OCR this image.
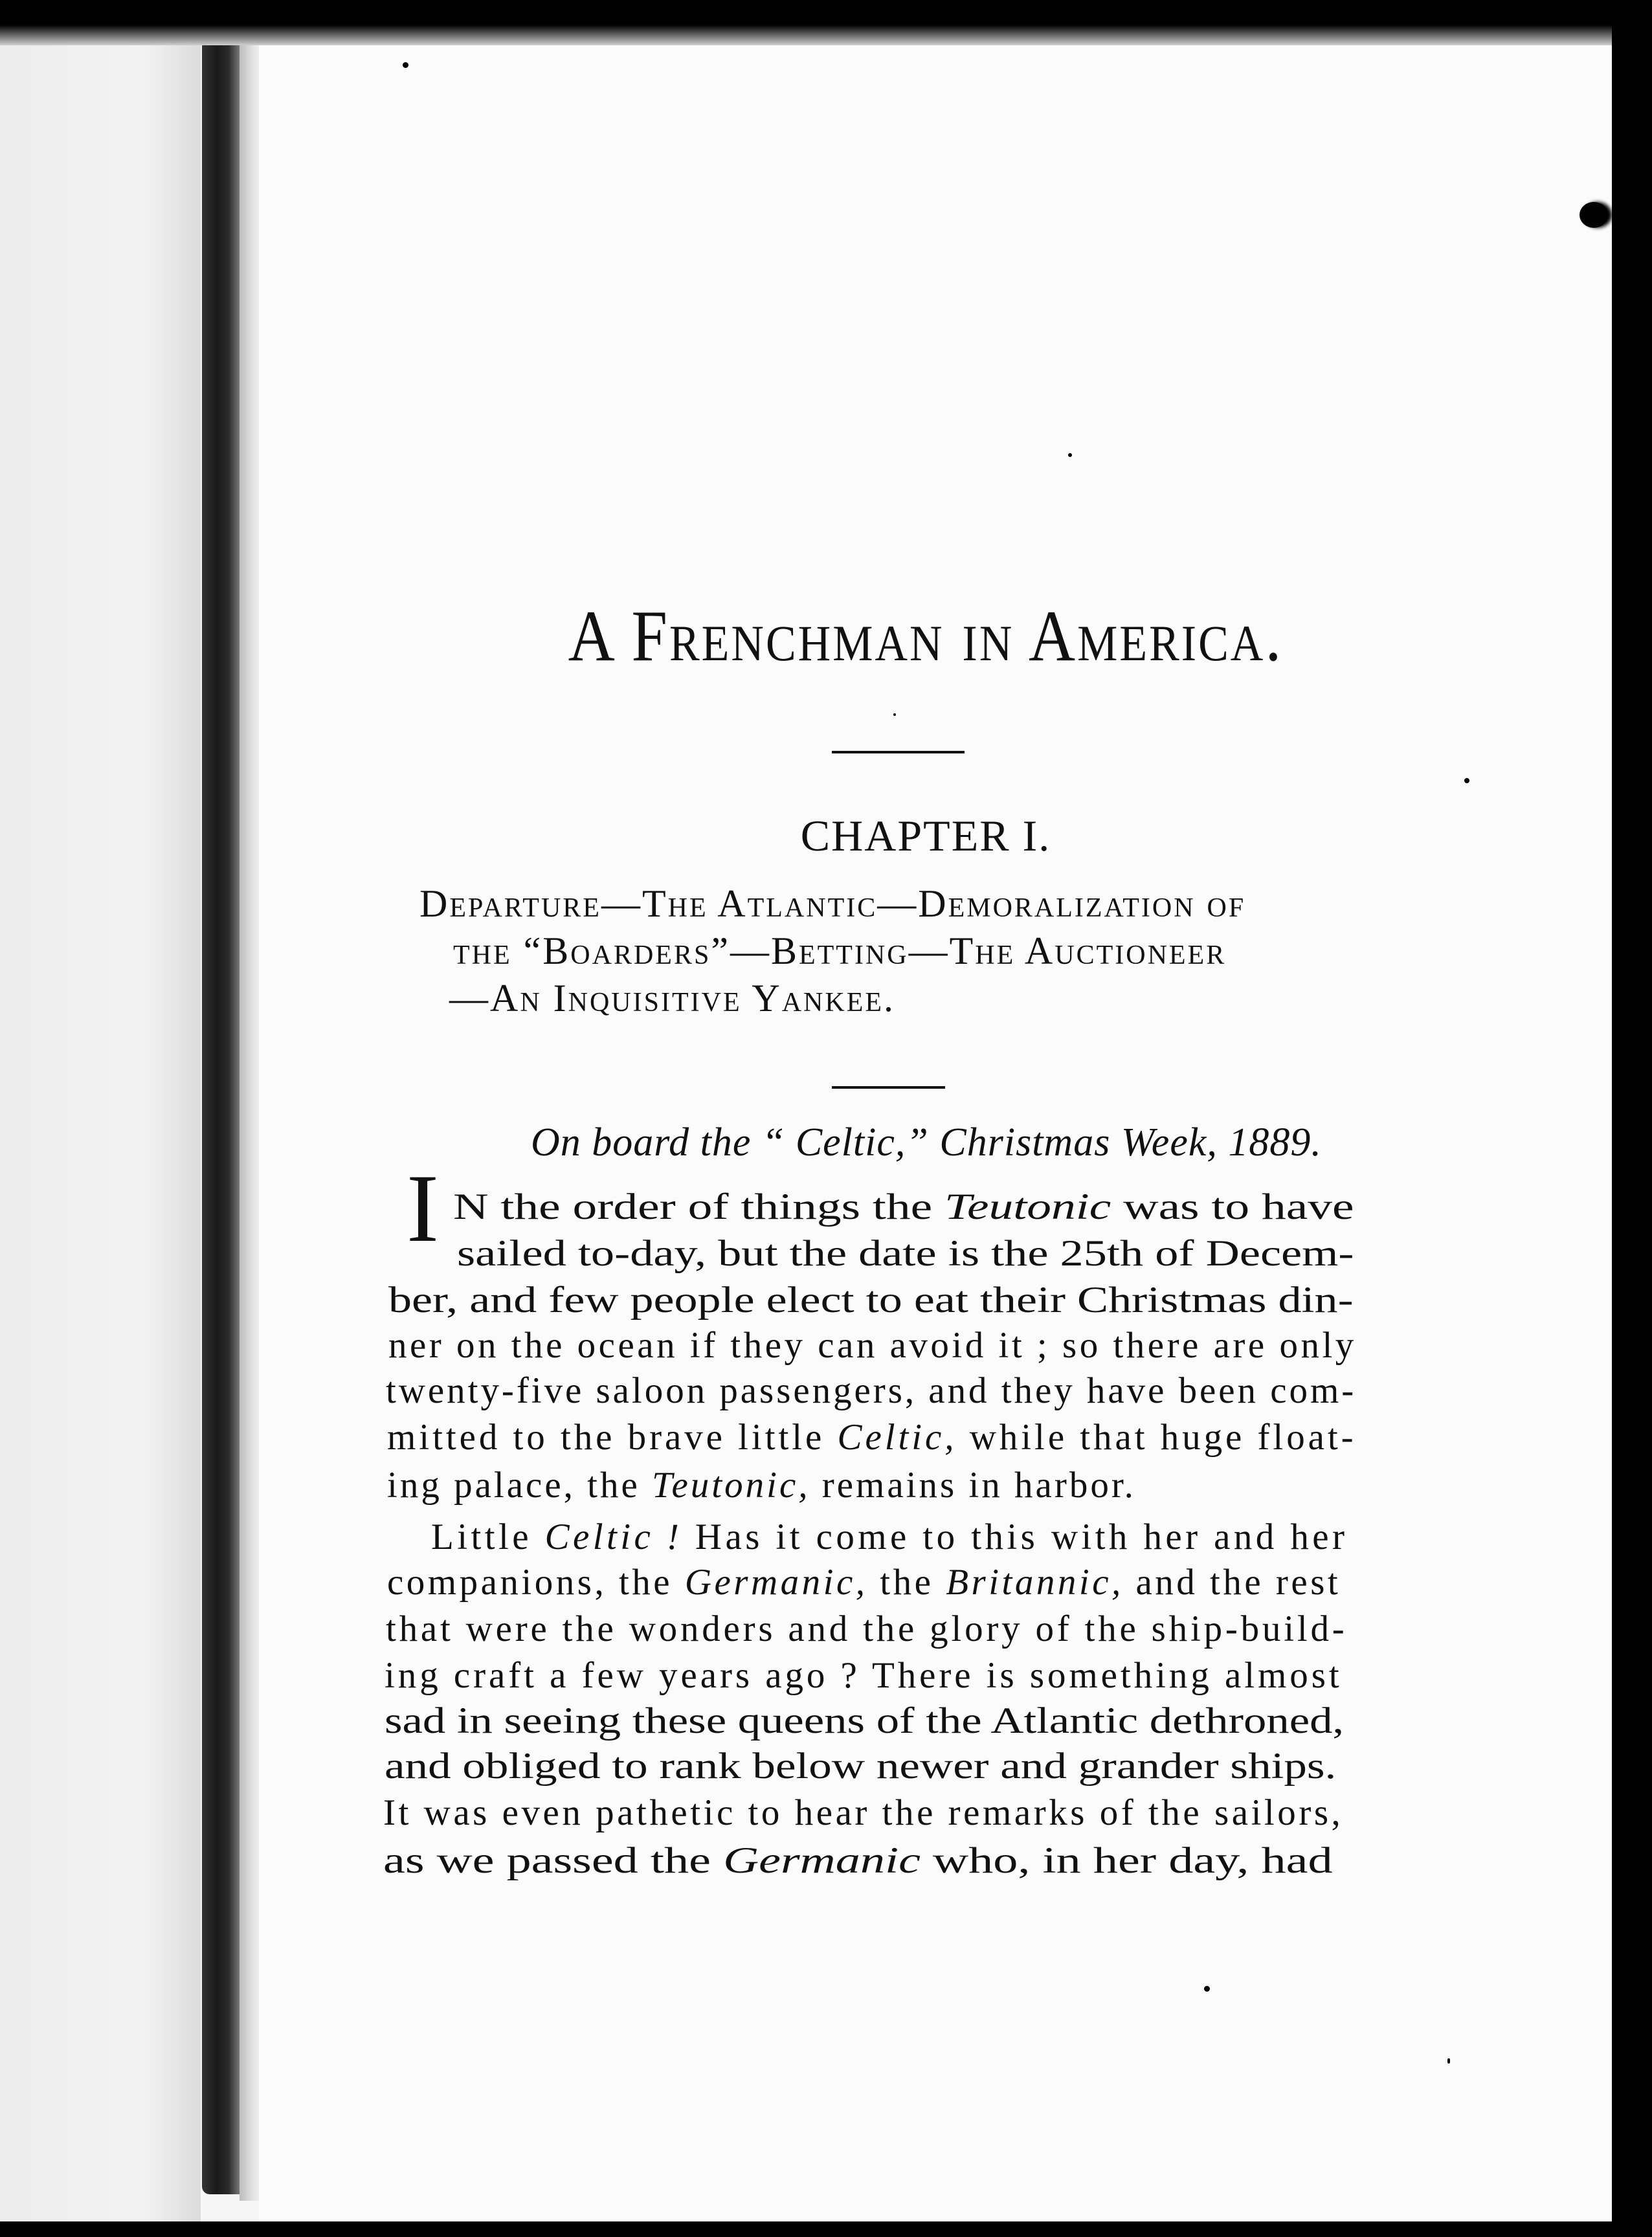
A Frenchman in America.
CHAPTER I.
Departure—The Atlantic—Demoralization of
the “Boarders”—Betting—The Auctioneer
—An Inquisitive Yankee.
On board the “ Celtic,” Christmas Week, 1889.
I N the order of things the Teutonic was to have
sailed to-day, but the date is the 25th of Decem-
ber, and few people elect to eat their Christmas din-
ner on the ocean if they can avoid it ; so there are only
twenty-five saloon passengers, and they have been com-
mitted to the brave little Celtic, while that huge float-
ing palace, the Teutonic, remains in harbor.
Little Celtic ! Has it come to this with her and her
companions, the Germanic, the Britannic, and the rest
that were the wonders and the glory of the ship-build-
ing craft a few years ago ? There is something almost
sad in seeing these queens of the Atlantic dethroned,
and obliged to rank below newer and grander ships.
It was even pathetic to hear the remarks of the sailors,
as we passed the Germanic who, in her day, had
